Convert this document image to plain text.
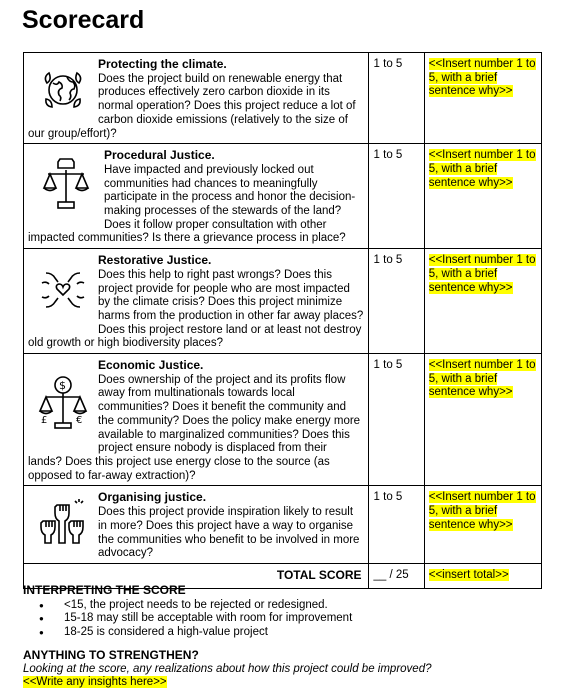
Scorecard
Protecting the climate.
Does the project build on renewable energy that produces effectively zero carbon dioxide in its normal operation? Does this project reduce a lot of carbon dioxide emissions (relatively to the size of our group/effort)?	1 to 5	<<Insert number 1 to 5, with a brief sentence why>>

Procedural Justice.
Have impacted and previously locked out communities had chances to meaningfully participate in the process and honor the decision-making processes of the stewards of the land? Does it follow proper consultation with other impacted communities? Is there a grievance process in place?	1 to 5	<<Insert number 1 to 5, with a brief sentence why>>

Restorative Justice.
Does this help to right past wrongs? Does this project provide for people who are most impacted by the climate crisis? Does this project minimize harms from the production in other far away places? Does this project restore land or at least not destroy old growth or high biodiversity places?	1 to 5	<<Insert number 1 to 5, with a brief sentence why>>

$
£ €
Economic Justice.
Does ownership of the project and its profits flow away from multinationals towards local communities? Does it benefit the community and the community? Does the policy make energy more available to marginalized communities? Does this project ensure nobody is displaced from their lands? Does this project use energy close to the source (as opposed to far-away extraction)?	1 to 5	<<Insert number 1 to 5, with a brief sentence why>>

Organising justice.
Does this project provide inspiration likely to result in more? Does this project have a way to organise the communities who benefit to be involved in more advocacy?	1 to 5	<<Insert number 1 to 5, with a brief sentence why>>

TOTAL SCORE	__ / 25	<<insert total>>

INTERPRETING THE SCORE

● <15, the project needs to be rejected or redesigned.
● 15-18 may still be acceptable with room for improvement
● 18-25 is considered a high-value project

ANYTHING TO STRENGTHEN?

Looking at the score, any realizations about how this project could be improved?
<<Write any insights here>>
